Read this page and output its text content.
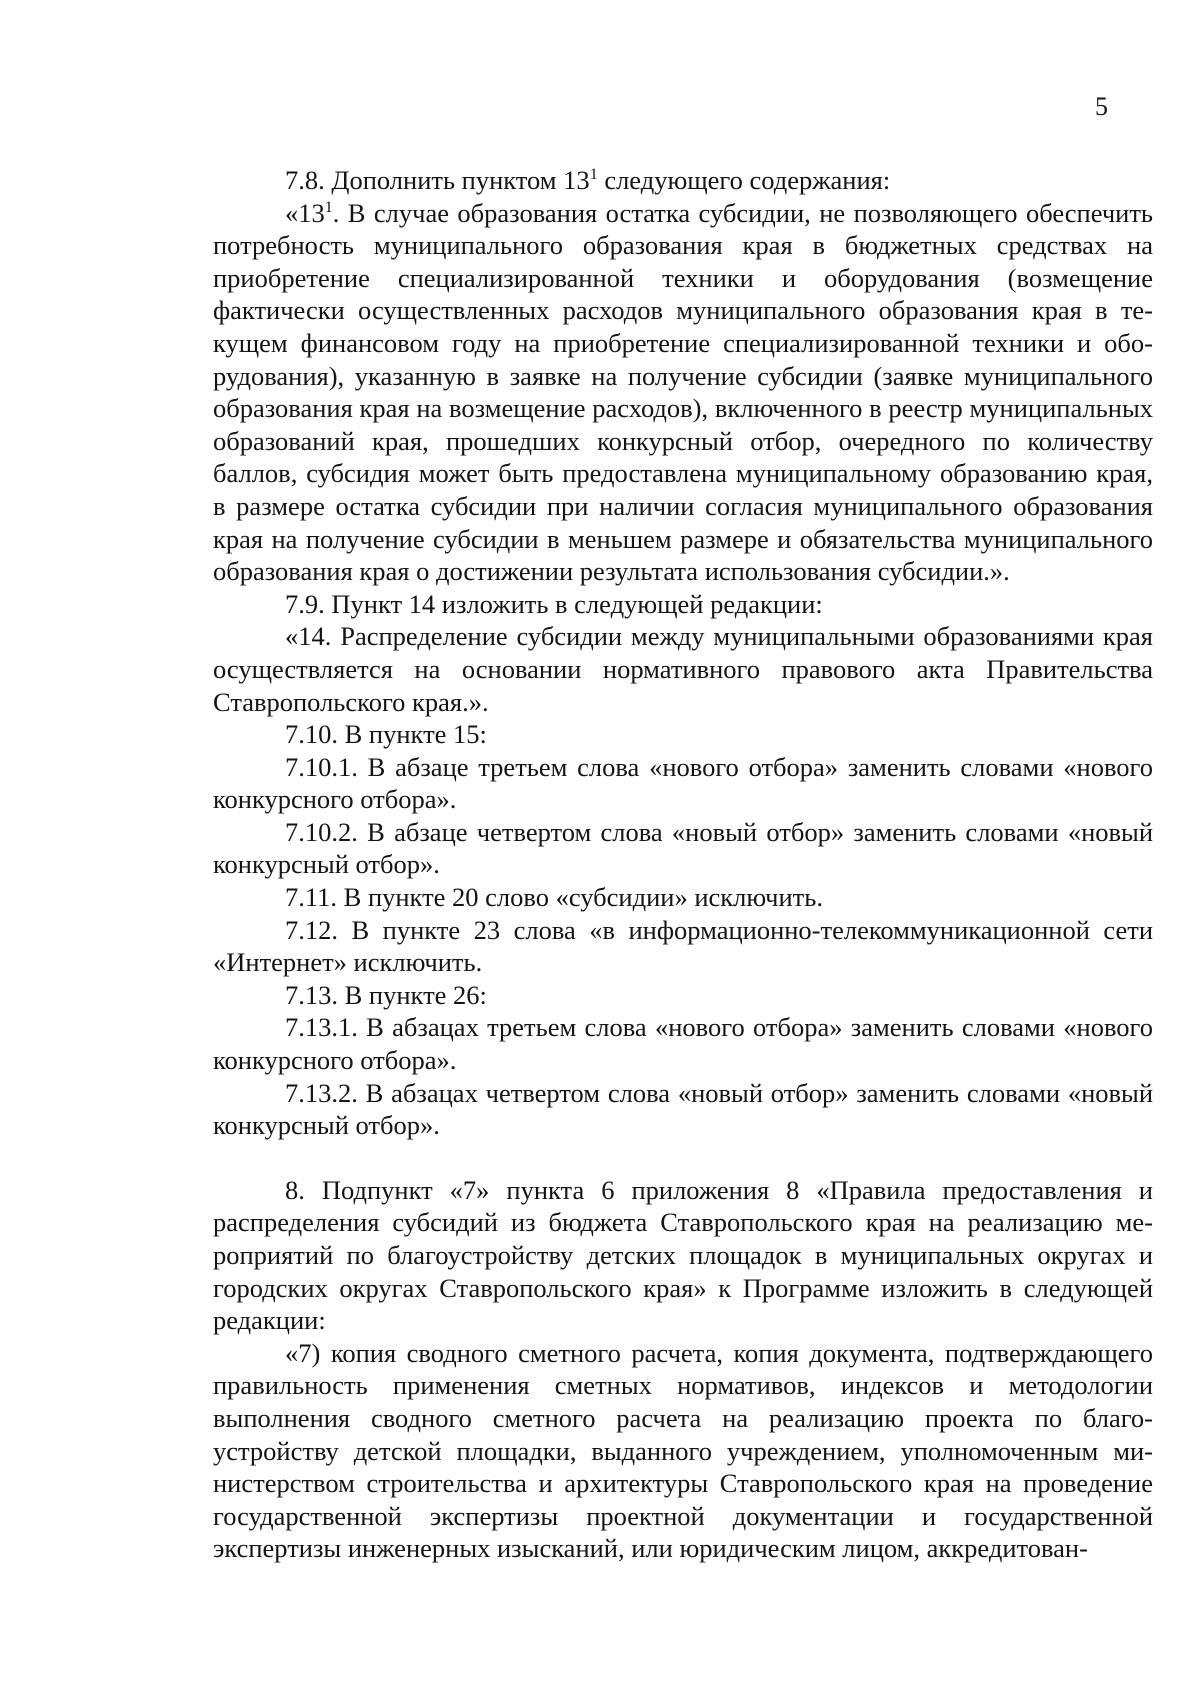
5

7.8. Дополнить пунктом $13^1$ следующего содержания:

«$13^1$. В случае образования остатка субсидии, не позволяющего обеспечить потребность муниципального образования края в бюджетных средствах на приобретение специализированной техники и оборудования (возмещение фактически осуществленных расходов муниципального образования края в текущем финансовом году на приобретение специализированной техники и оборудования), указанную в заявке на получение субсидии (заявке муниципального образования края на возмещение расходов), включенного в реестр муниципальных образований края, прошедших конкурсный отбор, очередного по количеству баллов, субсидия может быть предоставлена муниципальному образованию края, в размере остатка субсидии при наличии согласия муниципального образования края на получение субсидии в меньшем размере и обязательства муниципального образования края о достижении результата использования субсидии.».

7.9. Пункт 14 изложить в следующей редакции:

«14. Распределение субсидии между муниципальными образованиями края осуществляется на основании нормативного правового акта Правительства Ставропольского края.».

7.10. В пункте 15:

7.10.1. В абзаце третьем слова «нового отбора» заменить словами «нового конкурсного отбора».

7.10.2. В абзаце четвертом слова «новый отбор» заменить словами «новый конкурсный отбор».

7.11. В пункте 20 слово «субсидии» исключить.

7.12. В пункте 23 слова «в информационно-телекоммуникационной сети «Интернет» исключить.

7.13. В пункте 26:

7.13.1. В абзацах третьем слова «нового отбора» заменить словами «нового конкурсного отбора».

7.13.2. В абзацах четвертом слова «новый отбор» заменить словами «новый конкурсный отбор».

8. Подпункт «7» пункта 6 приложения 8 «Правила предоставления и распределения субсидий из бюджета Ставропольского края на реализацию мероприятий по благоустройству детских площадок в муниципальных округах и городских округах Ставропольского края» к Программе изложить в следующей редакции:

«7) копия сводного сметного расчета, копия документа, подтверждающего правильность применения сметных нормативов, индексов и методологии выполнения сводного сметного расчета на реализацию проекта по благоустройству детской площадки, выданного учреждением, уполномоченным министерством строительства и архитектуры Ставропольского края на проведение государственной экспертизы проектной документации и государственной экспертизы инженерных изысканий, или юридическим лицом, аккредитован-
